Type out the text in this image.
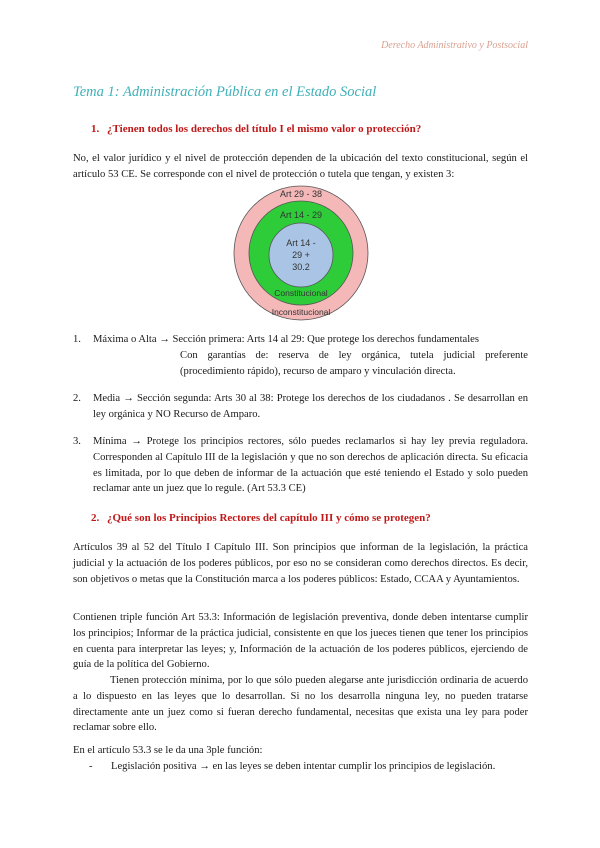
Derecho Administrativo y Postsocial
Tema 1: Administración Pública en el Estado Social
1. ¿Tienen todos los derechos del título I el mismo valor o protección?
No, el valor jurídico y el nivel de protección dependen de la ubicación del texto constitucional, según el artículo 53 CE. Se corresponde con el nivel de protección o tutela que tengan, y existen 3:
Art 29 - 38
Art 14 - 29
Art 14 -
29 +
30.2
Constitucional
Inconstitucional
1. Máxima o Alta → Sección primera: Arts 14 al 29: Que protege los derechos fundamentales
Con garantías de: reserva de ley orgánica, tutela judicial preferente (procedimiento rápido), recurso de amparo y vinculación directa.
2. Media → Sección segunda: Arts 30 al 38: Protege los derechos de los ciudadanos . Se desarrollan en ley orgánica y NO Recurso de Amparo.
3. Mínima → Protege los principios rectores, sólo puedes reclamarlos si hay ley previa reguladora. Corresponden al Capítulo III de la legislación y que no son derechos de aplicación directa. Su eficacia es limitada, por lo que deben de informar de la actuación que esté teniendo el Estado y solo pueden reclamar ante un juez que lo regule. (Art 53.3 CE)
2. ¿Qué son los Principios Rectores del capítulo III y cómo se protegen?
Artículos 39 al 52 del Título I Capítulo III. Son principios que informan de la legislación, la práctica judicial y la actuación de los poderes públicos, por eso no se consideran como derechos directos. Es decir, son objetivos o metas que la Constitución marca a los poderes públicos: Estado, CCAA y Ayuntamientos.
Contienen triple función Art 53.3: Información de legislación preventiva, donde deben intentarse cumplir los principios; Informar de la práctica judicial, consistente en que los jueces tienen que tener los principios en cuenta para interpretar las leyes; y, Información de la actuación de los poderes públicos, ejerciendo de guía de la política del Gobierno.
Tienen protección mínima, por lo que sólo pueden alegarse ante jurisdicción ordinaria de acuerdo a lo dispuesto en las leyes que lo desarrollan. Si no los desarrolla ninguna ley, no pueden tratarse directamente ante un juez como si fueran derecho fundamental, necesitas que exista una ley para poder reclamar sobre ello.
En el artículo 53.3 se le da una 3ple función:
- Legislación positiva → en las leyes se deben intentar cumplir los principios de legislación.
